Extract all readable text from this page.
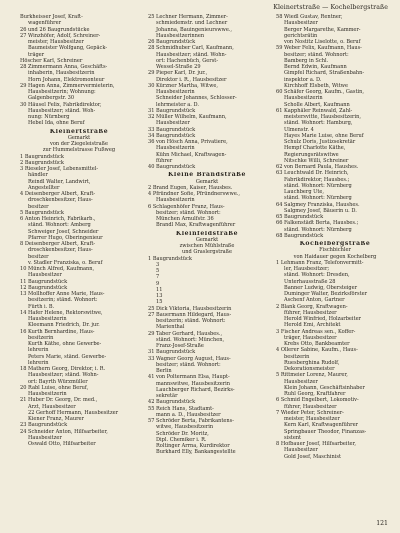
Kleinertstraße — Kochelbergstraße
Burkheisser Josef, Kraft-
wagenführer
26 und 26 Baugrundstücke
27 Winzhöfer, Adolf, Schreiner-
meister, Hausbesitzer
Baumeister Wolfgang, Gepäck-
träger
Höscher Karl, Schreiner
28 Zimmermann Anna, Geschäfts-
inhaberin, Hausbesitzerin
Horn Johann, Elektromonteur
29 Hagen Anna, Zimmervermieterin,
Hausbesitzerin; Wohnung:
Galgenbergstr. 30
30 Häusel Felix, Fabrikdirektor,
Hausbesitzer; ständ. Woh-
nung: Nürnberg
Hebel Ida, ohne Beruf
Kleinertstraße
Gemarkt
von der Ziegeleistraße
zur Hummelstrasse Fußweg
1 Baugrundstück
2 Baugrundstück
3 Rieseler Josef, Lebensmittel-
händler
Reindl Walter, Landwirt,
Angestellter
4 Deisenberger Albert, Kraft-
droschkenbesitzer, Haus-
besitzer
5 Baugrundstück
6 Anton Heinrich, Fabrikarb.,
ständ. Wohnort: Amberg
Schweiger Josef, Schneider
Pfarrer Hugo, Oberingenieur
8 Deisenberger Albert, Kraft-
droschkenbesitzer, Haus-
besitzer
v. Stadler Franziska, o. Beruf
10 Münch Alfred, Kaufmann,
Hausbesitzer
11 Baugrundstück
12 Baugrundstück
13 Mollhoffer Anne Marie, Haus-
besitzerin; ständ. Wohnort:
Fürth i. B.
14 Hafer Helene, Rektorswitwe,
Hausbesitzerin
Kleemann Friedrich, Dr. jur.
16 Kurth Bernhardine, Haus-
besitzerin
Kurth Käthe, ohne Gewerbe-
lehrerin
Peters Marie, ständ. Gewerbe-
lehrerin
18 Mathern Georg, Direktor, i. R.
Hausbesitzer; ständ. Wohn-
ort: Bayrth Würzmüller
20 Rabl Luise, ohne Beruf,
Hausbesitzerin
21 Huber Dr. Georg, Dr. med.,
Arzt, Hausbesitzer
22 Gerhoff Hermann, Hausbesitzer
Kiener Franz, Maurer
23 Baugrundstück
24 Schneider Anton, Hilfsarbeiter,
Hausbesitzer
Oswald Otto, Hilfsarbeiter
25 Lechner Hermann, Zimmer-
schmiedemstr. und Lechner
Johanna, Bauingenieurswwe.,
Hausbesitzerinnen
26 Baugrundstück
28 Schmidhuber Carl, Kaufmann,
Hausbesitzer; ständ. Wohn-
ort: Hachenbüch, Gerst-
Wessel-Straße 29
29 Pieper Karl, Dr. jur.,
Direktor i. R., Hausbesitzer
30 Kürzner Martha, Witwe,
Hausbesitzerin
Schneider Johannes, Schlosser-
lehrmeister a. D.
31 Baugrundstück
32 Müller Wilhelm, Kaufmann,
Hausbesitzer
33 Baugrundstück
34 Baugrundstück
36 von Hösch Anna, Privatiere,
Hausbesitzerin
Kühn Michael, Kraftwagen-
führer
40 Baugrundstück
Kleine Brandstraße
Gemarkt
2 Brand Eugen, Kaiser, Hausbes.
4 Pfründner Sofie, Pfründnerswwe.,
Hausbesitzerin
6 Schlagenhöfer Franz, Haus-
besitzer; ständ. Wohnort:
München Arnulfstr. 36
Brandl Max, Kraftwagenführer
Kleinfeldstraße
Gemarkt
zwischen Mühlstraße
und Graslergstraße
1 Baugrundstück
3
5
7
9
11
13
15
25 Dick Viktoria, Hausbesitzerin
27 Bauermann Hildegard, Haus-
besitzerin; ständ. Wohnort:
Marienthal
29 Taber Gerhard, Hausbes.,
ständ. Wohnort: München,
Franz-Josef-Straße
31 Baugrundstück
33 Wagner Georg August, Haus-
besitzer; ständ. Wohnort:
Berlin
41 von Poltermann Elsa, Haupt-
mannswitwe, Hausbesitzerin
Lauchberger Richard, Bezirks-
sekretär
42 Baugrundstück
55 Reich Hans, Stadtamt-
mann a. D., Hausbesitzer
57 Schröder Berta, Fabrikantens-
witwe, Hausbesitzerin
Schröder Dr. Moritz,
Dipl. Chemiker i. R.
Roltinger Arrna, Kurdirektor
Burkhard Elly, Bankangestellte
58 Wiedl Gustav, Rentner,
Hausbesitzer
Berger Margarethe, Kammer-
gerichtsrätin
von Nostitz Liselotte, o. Beruf
59 Weber Felix, Kaufmann, Haus-
besitzer; ständ. Wohnort:
Bamberg in Schl.
Bernd Edwin, Kaufmann
Gimpfel Richard, Straßenbahn-
inspektor a. D.
Kirchhoff Elsbeth, Witwe
60 Schäfer Georg, Kaufm., Gastin,
Hausbesitzerin
Scholle Albert, Kaufmann
61 Kapphäler Reinwald, Zahl-
meistersvitte, Hausbesitzerin,
ständ. Wohnort: Hamburg,
Ulmenstr. 4
Hayes Marie Luise, ohne Beruf
Schulz Doris, Justizsekretär
Hempf Charlotte Käthe,
Regierungsrätswitwe
Nitschke Willi, Schreiner
62 von Bernard Paula, Haushes.
63 Leuchtwald Dr. Heinrich,
Fabrikdirektor, Hausbes.;
ständ. Wohnort: Nürnberg
Lauchberg Ute,
ständ. Wohnort: Nürnberg
64 Salgmey Franziska, Haushes.
Salgmey Josef, Bäuerin u. D.
65 Baugrundstück
66 Falkenstädt Berta, Hausbes.;
ständ. Wohnort: Nürnberg
68 Baugrundstück
Kochelbergstraße
Fischbichler
von Haidauer gegen Kochelberg
1 Lehmann Franz, Telefonvermitt-
ler, Hausbesitzer;
ständ. Wohnort: Dresden,
Unterhausstraße 28
Banner Ludwig, Obersteiger
Duminger Walter, Bezirksförster
Aschenf Anton, Gartner
2 Blank Georg, Kraftwagen-
führer, Hausbesitzer
Herold Winfried, Holzarbeiter
Herold Emi, Architekt
3 Fischer Andreas sen., Koffer-
träger, Hausbesitzer
Krebs Otto, Bankbeamter
4 Öllerer Sabine, Kaufm., Haus-
besitzerin
Ruesberghina Rudolf,
Dekorationsmeister
5 Rittmeier Lorenz, Maurer,
Hausbesitzer
Klein Johann, Geschäftsinhaber
Ruhl Georg, Kraftfahrer
6 Schmid Engelbert, Lokomotiv-
führer, Hausbesitzer
7 Wieder Peter, Schreiner-
meister, Hausbesitzer
Kern Karl, Kraftwagenführer
Springbauer Theodor, Finanzas-
sistent
8 Hofbauer Josef, Hilfsarbeiter,
Hausbesitzer
Gold Josef, Maschinist
121
